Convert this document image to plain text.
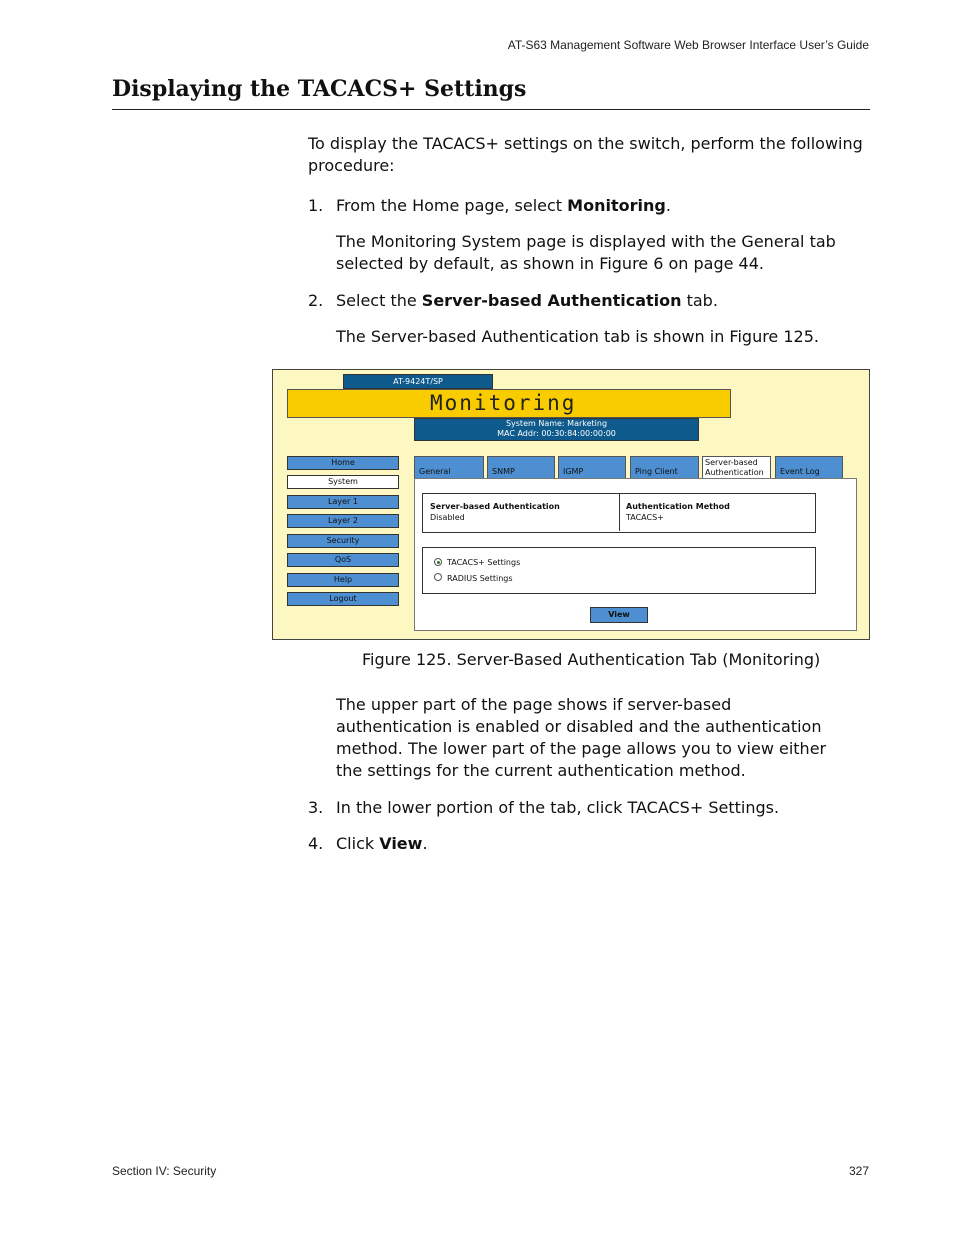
AT-S63 Management Software Web Browser Interface User’s Guide
Displaying the TACACS+ Settings
To display the TACACS+ settings on the switch, perform the following procedure:
1. From the Home page, select Monitoring.
The Monitoring System page is displayed with the General tab selected by default, as shown in Figure 6 on page 44.
2. Select the Server-based Authentication tab.
The Server-based Authentication tab is shown in Figure 125.
AT-9424T/SP
Monitoring
System Name: Marketing
MAC Addr: 00:30:84:00:00:00
Home
System
Layer 1
Layer 2
Security
QoS
Help
Logout
General	SNMP	IGMP	Ping Client
Server-based Authentication	Event Log
Server-based Authentication
Disabled
Authentication Method
TACACS+
TACACS+ Settings
RADIUS Settings
View
Figure 125. Server-Based Authentication Tab (Monitoring)
The upper part of the page shows if server-based authentication is enabled or disabled and the authentication method. The lower part of the page allows you to view either the settings for the current authentication method.
3. In the lower portion of the tab, click TACACS+ Settings.
4. Click View.
Section IV: Security	327
